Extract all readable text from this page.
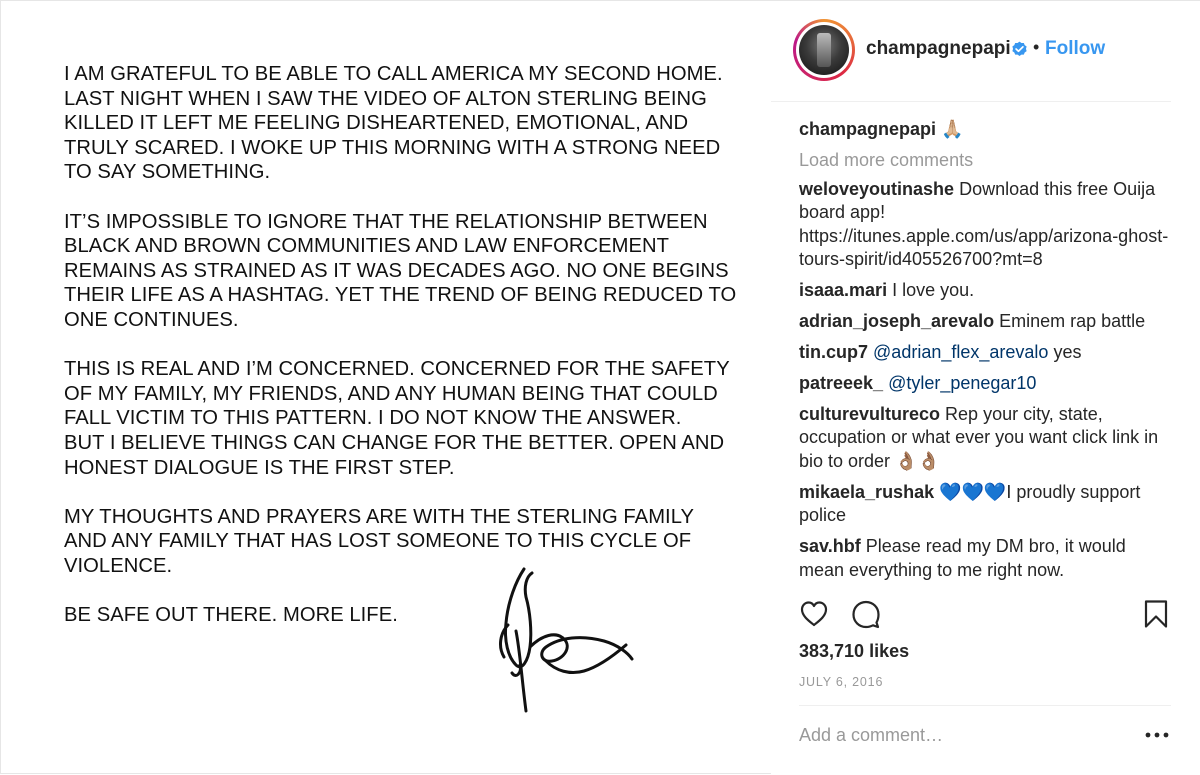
I AM GRATEFUL TO BE ABLE TO CALL AMERICA MY SECOND HOME.
LAST NIGHT WHEN I SAW THE VIDEO OF ALTON STERLING BEING
KILLED IT LEFT ME FEELING DISHEARTENED, EMOTIONAL, AND
TRULY SCARED. I WOKE UP THIS MORNING WITH A STRONG NEED
TO SAY SOMETHING.

IT’S IMPOSSIBLE TO IGNORE THAT THE RELATIONSHIP BETWEEN
BLACK AND BROWN COMMUNITIES AND LAW ENFORCEMENT
REMAINS AS STRAINED AS IT WAS DECADES AGO. NO ONE BEGINS
THEIR LIFE AS A HASHTAG. YET THE TREND OF BEING REDUCED TO
ONE CONTINUES.

THIS IS REAL AND I’M CONCERNED. CONCERNED FOR THE SAFETY
OF MY FAMILY, MY FRIENDS, AND ANY HUMAN BEING THAT COULD
FALL VICTIM TO THIS PATTERN. I DO NOT KNOW THE ANSWER.
BUT I BELIEVE THINGS CAN CHANGE FOR THE BETTER. OPEN AND
HONEST DIALOGUE IS THE FIRST STEP.

MY THOUGHTS AND PRAYERS ARE WITH THE STERLING FAMILY
AND ANY FAMILY THAT HAS LOST SOMEONE TO THIS CYCLE OF
VIOLENCE.

BE SAFE OUT THERE. MORE LIFE.

champagnepapi • Follow
champagnepapi 🙏🏼
Load more comments
weloveyoutinashe Download this free Ouija board app! https://itunes.apple.com/us/app/arizona-ghost-tours-spirit/id405526700?mt=8
isaaa.mari I love you.
adrian_joseph_arevalo Eminem rap battle
tin.cup7 @adrian_flex_arevalo yes
patreeek_ @tyler_penegar10
culturevultureco Rep your city, state, occupation or what ever you want click link in bio to order 👌🏽👌🏽
mikaela_rushak 💙💙💙I proudly support police
sav.hbf Please read my DM bro, it would mean everything to me right now.
383,710 likes
JULY 6, 2016
Add a comment…
